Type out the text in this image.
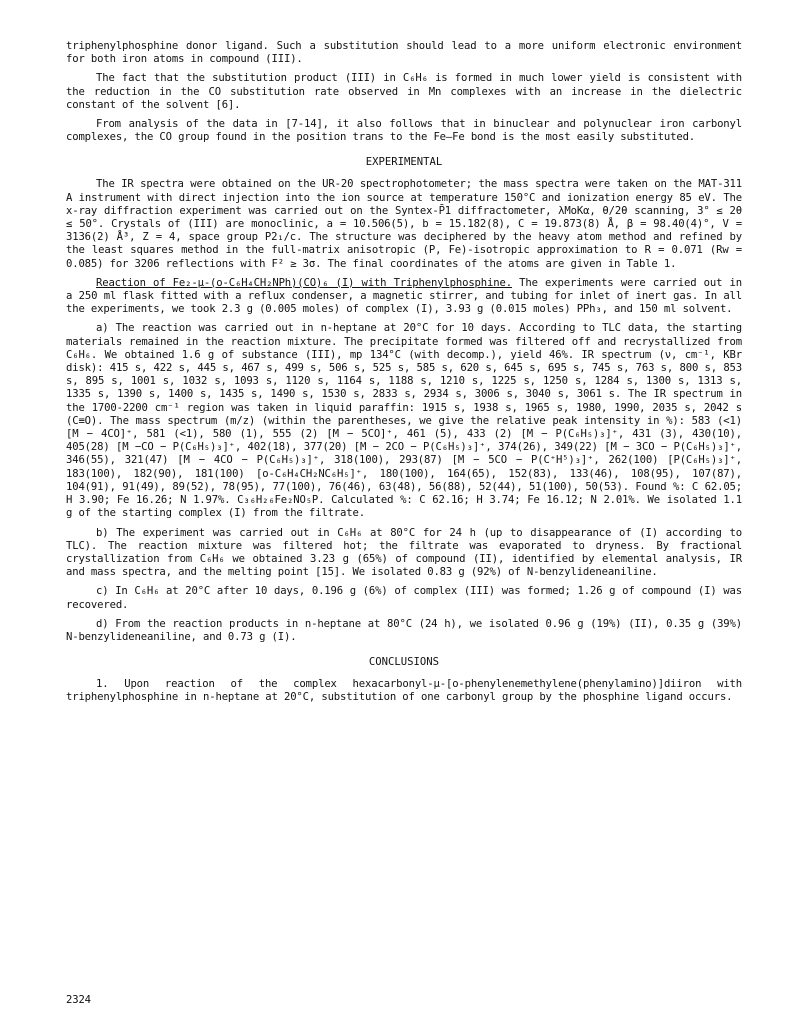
triphenylphosphine donor ligand. Such a substitution should lead to a more uniform electronic environment for both iron atoms in compound (III).

The fact that the substitution product (III) in C₆H₆ is formed in much lower yield is consistent with the reduction in the CO substitution rate observed in Mn complexes with an increase in the dielectric constant of the solvent [6].

From analysis of the data in [7-14], it also follows that in binuclear and polynuclear iron carbonyl complexes, the CO group found in the position trans to the Fe—Fe bond is the most easily substituted.

EXPERIMENTAL

The IR spectra were obtained on the UR-20 spectrophotometer; the mass spectra were taken on the MAT-311 A instrument with direct injection into the ion source at temperature 150°C and ionization energy 85 eV. The x-ray diffraction experiment was carried out on the Syntex-P̄1 diffractometer, λMoKα, θ/2θ scanning, 3° ≤ 2θ ≤ 50°. Crystals of (III) are monoclinic, a = 10.506(5), b = 15.182(8), C = 19.873(8) Å, β = 98.40(4)°, V = 3136(2) Å³, Z = 4, space group P2₁/c. The structure was deciphered by the heavy atom method and refined by the least squares method in the full-matrix anisotropic (P, Fe)-isotropic approximation to R = 0.071 (Rw = 0.085) for 3206 reflections with F² ≥ 3σ. The final coordinates of the atoms are given in Table 1.

Reaction of Fe₂-μ-(o-C₆H₄CH₂NPh)(CO)₆ (I) with Triphenylphosphine. The experiments were carried out in a 250 ml flask fitted with a reflux condenser, a magnetic stirrer, and tubing for inlet of inert gas. In all the experiments, we took 2.3 g (0.005 moles) of complex (I), 3.93 g (0.015 moles) PPh₃, and 150 ml solvent.

a) The reaction was carried out in n-heptane at 20°C for 10 days. According to TLC data, the starting materials remained in the reaction mixture. The precipitate formed was filtered off and recrystallized from C₆H₆. We obtained 1.6 g of substance (III), mp 134°C (with decomp.), yield 46%. IR spectrum (ν, cm⁻¹, KBr disk): 415 s, 422 s, 445 s, 467 s, 499 s, 506 s, 525 s, 585 s, 620 s, 645 s, 695 s, 745 s, 763 s, 800 s, 853 s, 895 s, 1001 s, 1032 s, 1093 s, 1120 s, 1164 s, 1188 s, 1210 s, 1225 s, 1250 s, 1284 s, 1300 s, 1313 s, 1335 s, 1390 s, 1400 s, 1435 s, 1490 s, 1530 s, 2833 s, 2934 s, 3006 s, 3040 s, 3061 s. The IR spectrum in the 1700-2200 cm⁻¹ region was taken in liquid paraffin: 1915 s, 1938 s, 1965 s, 1980, 1990, 2035 s, 2042 s (C≡O). The mass spectrum (m/z) (within the parentheses, we give the relative peak intensity in %): 583 (<1) [M − 4CO]⁺, 581 (<1), 580 (1), 555 (2) [M − 5CO]⁺, 461 (5), 433 (2) [M − P(C₆H₅)₃]⁺, 431 (3), 430(10), 405(28) [M −CO − P(C₆H₅)₃]⁺, 402(18), 377(20) [M − 2CO − P(C₆H₅)₃]⁺, 374(26), 349(22) [M − 3CO − P(C₆H₅)₃]⁺, 346(55), 321(47) [M − 4CO − P(C₆H₅)₃]⁺, 318(100), 293(87) [M − 5CO − P(C⁺H⁵)₃]⁺, 262(100) [P(C₆H₅)₃]⁺, 183(100), 182(90), 181(100) [o-C₆H₄CH₂NC₆H₅]⁺, 180(100), 164(65), 152(83), 133(46), 108(95), 107(87), 104(91), 91(49), 89(52), 78(95), 77(100), 76(46), 63(48), 56(88), 52(44), 51(100), 50(53). Found %: C 62.05; H 3.90; Fe 16.26; N 1.97%. C₃₆H₂₆Fe₂NO₅P. Calculated %: C 62.16; H 3.74; Fe 16.12; N 2.01%. We isolated 1.1 g of the starting complex (I) from the filtrate.

b) The experiment was carried out in C₆H₆ at 80°C for 24 h (up to disappearance of (I) according to TLC). The reaction mixture was filtered hot; the filtrate was evaporated to dryness. By fractional crystallization from C₆H₆ we obtained 3.23 g (65%) of compound (II), identified by elemental analysis, IR and mass spectra, and the melting point [15]. We isolated 0.83 g (92%) of N-benzylideneaniline.

c) In C₆H₆ at 20°C after 10 days, 0.196 g (6%) of complex (III) was formed; 1.26 g of compound (I) was recovered.

d) From the reaction products in n-heptane at 80°C (24 h), we isolated 0.96 g (19%) (II), 0.35 g (39%) N-benzylideneaniline, and 0.73 g (I).

CONCLUSIONS

1. Upon reaction of the complex hexacarbonyl-μ-[o-phenylenemethylene(phenylamino)]diiron with triphenylphosphine in n-heptane at 20°C, substitution of one carbonyl group by the phosphine ligand occurs.

2324
